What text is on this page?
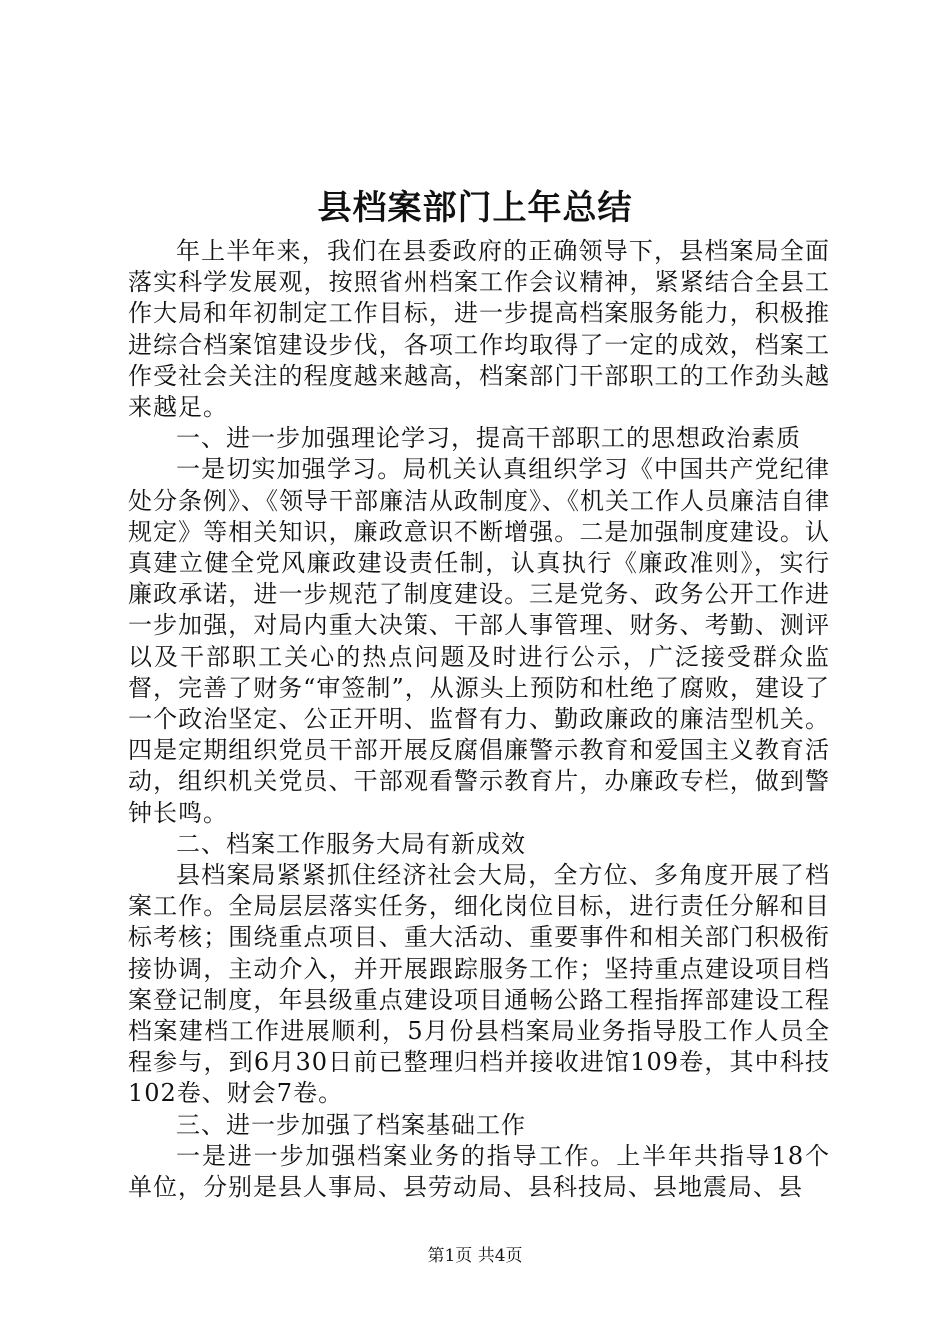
县档案部门上年总结

年上半年来，我们在县委政府的正确领导下，县档案局全面落实科学发展观，按照省州档案工作会议精神，紧紧结合全县工作大局和年初制定工作目标，进一步提高档案服务能力，积极推进综合档案馆建设步伐，各项工作均取得了一定的成效，档案工作受社会关注的程度越来越高，档案部门干部职工的工作劲头越来越足。

一、进一步加强理论学习，提高干部职工的思想政治素质

一是切实加强学习。局机关认真组织学习《中国共产党纪律处分条例》、《领导干部廉洁从政制度》、《机关工作人员廉洁自律规定》等相关知识，廉政意识不断增强。二是加强制度建设。认真建立健全党风廉政建设责任制，认真执行《廉政准则》，实行廉政承诺，进一步规范了制度建设。三是党务、政务公开工作进一步加强，对局内重大决策、干部人事管理、财务、考勤、测评以及干部职工关心的热点问题及时进行公示，广泛接受群众监督，完善了财务“审签制”，从源头上预防和杜绝了腐败，建设了一个政治坚定、公正开明、监督有力、勤政廉政的廉洁型机关。四是定期组织党员干部开展反腐倡廉警示教育和爱国主义教育活动，组织机关党员、干部观看警示教育片，办廉政专栏，做到警钟长鸣。

二、档案工作服务大局有新成效

县档案局紧紧抓住经济社会大局，全方位、多角度开展了档案工作。全局层层落实任务，细化岗位目标，进行责任分解和目标考核；围绕重点项目、重大活动、重要事件和相关部门积极衔接协调，主动介入，并开展跟踪服务工作；坚持重点建设项目档案登记制度，年县级重点建设项目通畅公路工程指挥部建设工程档案建档工作进展顺利，5月份县档案局业务指导股工作人员全程参与，到6月30日前已整理归档并接收进馆109卷，其中科技102卷、财会7卷。

三、进一步加强了档案基础工作

一是进一步加强档案业务的指导工作。上半年共指导18个单位，分别是县人事局、县劳动局、县科技局、县地震局、县

第1页 共4页
